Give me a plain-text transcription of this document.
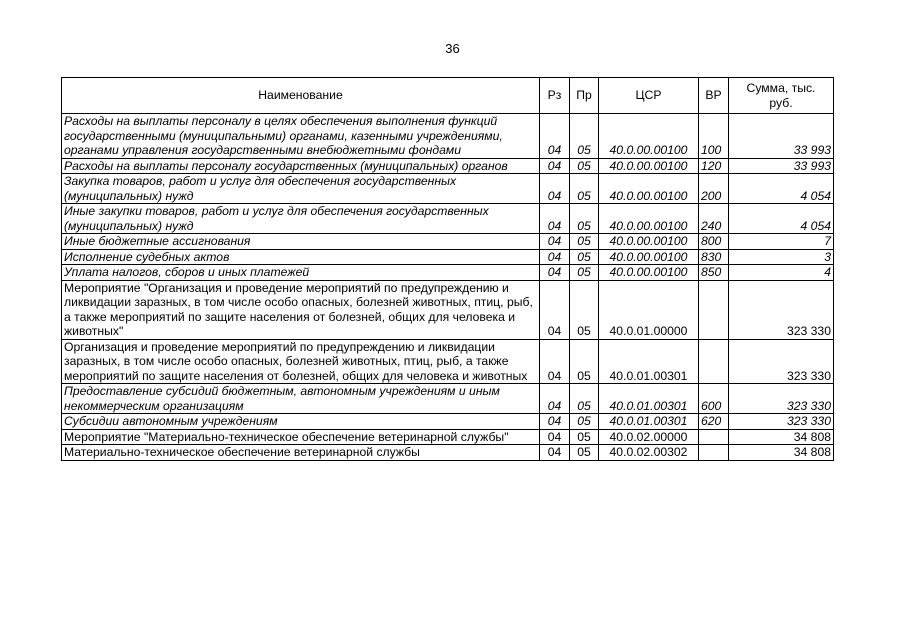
36
Наименование	Рз	Пр	ЦСР	ВР	Сумма, тыс. руб.
Расходы на выплаты персоналу в целях обеспечения выполнения функций государственными (муниципальными) органами, казенными учреждениями, органами управления государственными внебюджетными фондами	04	05	40.0.00.00100	100	33 993
Расходы на выплаты персоналу государственных (муниципальных) органов	04	05	40.0.00.00100	120	33 993
Закупка товаров, работ и услуг для обеспечения государственных (муниципальных) нужд	04	05	40.0.00.00100	200	4 054
Иные закупки товаров, работ и услуг для обеспечения государственных (муниципальных) нужд	04	05	40.0.00.00100	240	4 054
Иные бюджетные ассигнования	04	05	40.0.00.00100	800	7
Исполнение судебных актов	04	05	40.0.00.00100	830	3
Уплата налогов, сборов и иных платежей	04	05	40.0.00.00100	850	4
Мероприятие "Организация и проведение мероприятий по предупреждению и ликвидации заразных, в том числе особо опасных, болезней животных, птиц, рыб, а также мероприятий по защите населения от болезней, общих для человека и животных"	04	05	40.0.01.00000		323 330
Организация и проведение мероприятий по предупреждению и ликвидации заразных, в том числе особо опасных, болезней животных, птиц, рыб, а также мероприятий по защите населения от болезней, общих для человека и животных	04	05	40.0.01.00301		323 330
Предоставление субсидий бюджетным, автономным учреждениям и иным некоммерческим организациям	04	05	40.0.01.00301	600	323 330
Субсидии автономным учреждениям	04	05	40.0.01.00301	620	323 330
Мероприятие "Материально-техническое обеспечение ветеринарной службы"	04	05	40.0.02.00000		34 808
Материально-техническое обеспечение ветеринарной службы	04	05	40.0.02.00302		34 808
